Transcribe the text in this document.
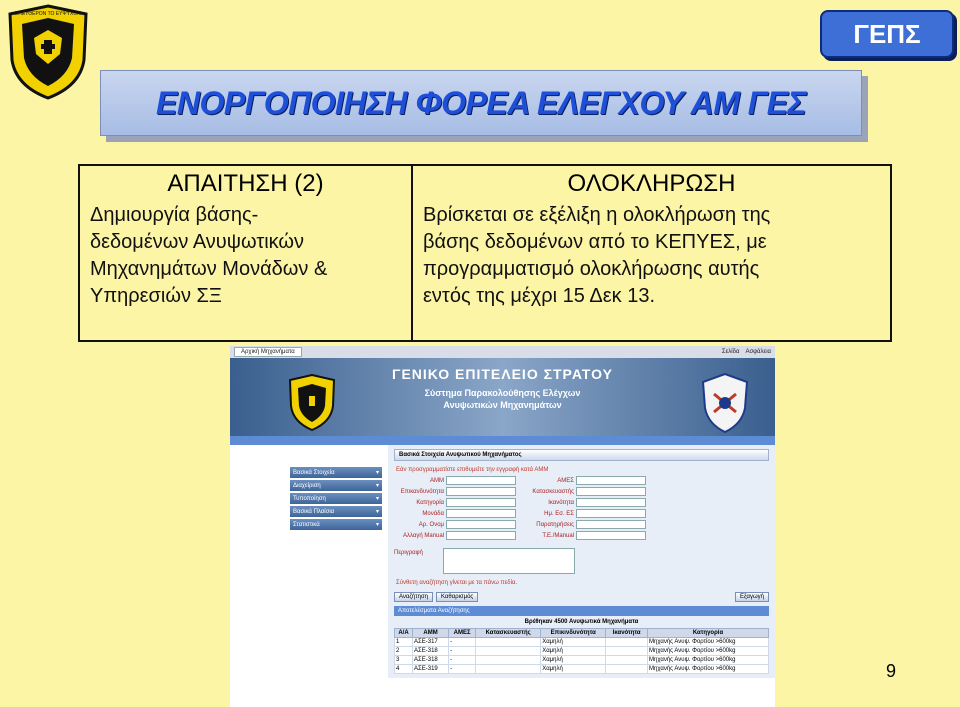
ΕΛΕΥΘΕΡΟΝ ΤΟ ΕΥΨΥΧΟΝ
ΓΕΠΣ
ΕΝΟΡΓΟΠΟΙΗΣΗ ΦΟΡΕΑ ΕΛΕΓΧΟΥ ΑΜ ΓΕΣ
ΑΠΑΙΤΗΣΗ (2)
Δημιουργία βάσης-
δεδομένων Ανυψωτικών
Μηχανημάτων Μονάδων &
Υπηρεσιών ΣΞ
ΟΛΟΚΛΗΡΩΣΗ
Βρίσκεται σε εξέλιξη η ολοκλήρωση της
βάσης δεδομένων από το ΚΕΠΥΕΣ, με
προγραμματισμό ολοκλήρωσης αυτής
εντός της μέχρι 15 Δεκ 13.
Αρχική Μηχανήματα	Σελίδα Ασφάλεια
ΓΕΝΙΚΟ ΕΠΙΤΕΛΕΙΟ ΣΤΡΑΤΟΥ
Σύστημα Παρακολούθησης Ελέγχων
Ανυψωτικών Μηχανημάτων
Βασικά Στοιχεία	▾
Διαχείριση	▾
Τυποποίηση	▾
Βασικά Πλαίσια	▾
Στατιστικά	▾
Βασικά Στοιχεία Ανυψωτικού Μηχανήματος
Εάν προσγραμματίστε επιθυμείτε την εγγραφή κατά ΑΜΜ
ΑΜΜ	ΑΜΕΣ
Επικανδυνότητα	Κατασκευαστής
Κατηγορία	Ικανότητα
Μονάδα	Ημ. Εσ. ΕΣ
Αρ. Ονομ	Παρατηρήσεις
Αλλαγή Manual	Τ.Ε./Manual
Περιγραφή
Σύνθετη αναζήτηση γίνεται με τα πάνω πεδία.
Αναζήτηση	Καθαρισμός	Εξαγωγή
Αποτελέσματα Αναζήτησης
Βρέθηκαν 4500 Ανυψωτικά Μηχανήματα
Α/Α	ΑΜΜ	ΑΜΕΣ	Κατασκευαστής	Επικινδυνότητα	Ικανότητα	Κατηγορία
1	ΑΣΕ-317	-		Χαμηλή		Μηχανής Ανυψ. Φορτίου >600kg
2	ΑΣΕ-318	-		Χαμηλή		Μηχανής Ανυψ. Φορτίου >600kg
3	ΑΣΕ-318	-		Χαμηλή		Μηχανής Ανυψ. Φορτίου >600kg
4	ΑΣΕ-319	-		Χαμηλή		Μηχανής Ανυψ. Φορτίου >600kg	9
